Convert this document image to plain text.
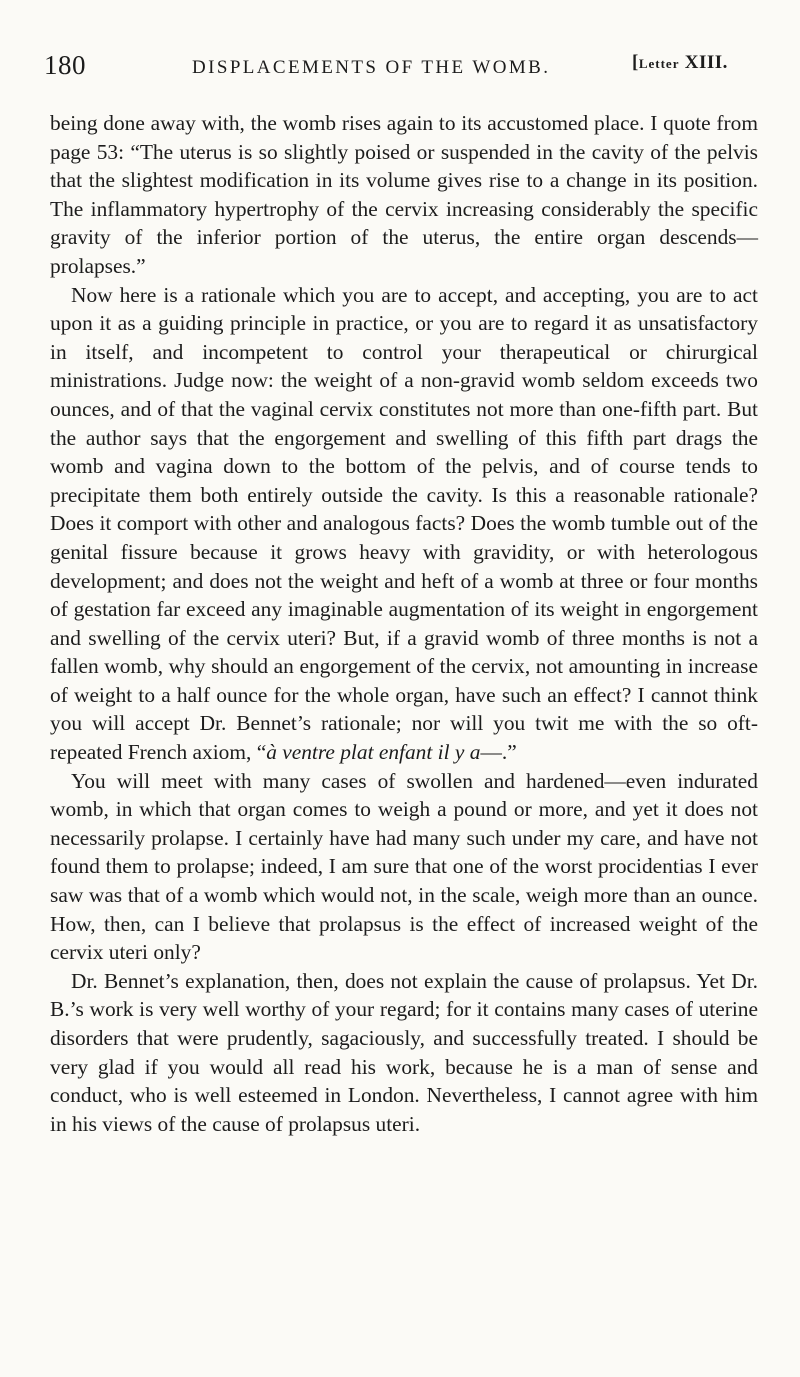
180	DISPLACEMENTS OF THE WOMB.	[Letter XIII.

being done away with, the womb rises again to its accustomed place. I quote from page 53: “The uterus is so slightly poised or suspended in the cavity of the pelvis that the slightest modification in its volume gives rise to a change in its position. The inflammatory hypertrophy of the cervix increasing considerably the specific gravity of the inferior portion of the uterus, the entire organ descends—prolapses.”

Now here is a rationale which you are to accept, and accepting, you are to act upon it as a guiding principle in practice, or you are to regard it as unsatisfactory in itself, and incompetent to control your therapeutical or chirurgical ministrations. Judge now: the weight of a non-gravid womb seldom exceeds two ounces, and of that the vaginal cervix constitutes not more than one-fifth part. But the author says that the engorgement and swelling of this fifth part drags the womb and vagina down to the bottom of the pelvis, and of course tends to precipitate them both entirely outside the cavity. Is this a reasonable rationale? Does it comport with other and analogous facts? Does the womb tumble out of the genital fissure because it grows heavy with gravidity, or with heterologous development; and does not the weight and heft of a womb at three or four months of gestation far exceed any imaginable augmentation of its weight in engorgement and swelling of the cervix uteri? But, if a gravid womb of three months is not a fallen womb, why should an engorgement of the cervix, not amounting in increase of weight to a half ounce for the whole organ, have such an effect? I cannot think you will accept Dr. Bennet’s rationale; nor will you twit me with the so oft-repeated French axiom, “à ventre plat enfant il y a—.”

You will meet with many cases of swollen and hardened—even indurated womb, in which that organ comes to weigh a pound or more, and yet it does not necessarily prolapse. I certainly have had many such under my care, and have not found them to prolapse; indeed, I am sure that one of the worst procidentias I ever saw was that of a womb which would not, in the scale, weigh more than an ounce. How, then, can I believe that prolapsus is the effect of increased weight of the cervix uteri only?

Dr. Bennet’s explanation, then, does not explain the cause of prolapsus. Yet Dr. B.’s work is very well worthy of your regard; for it contains many cases of uterine disorders that were prudently, sagaciously, and successfully treated. I should be very glad if you would all read his work, because he is a man of sense and conduct, who is well esteemed in London. Nevertheless, I cannot agree with him in his views of the cause of prolapsus uteri.
